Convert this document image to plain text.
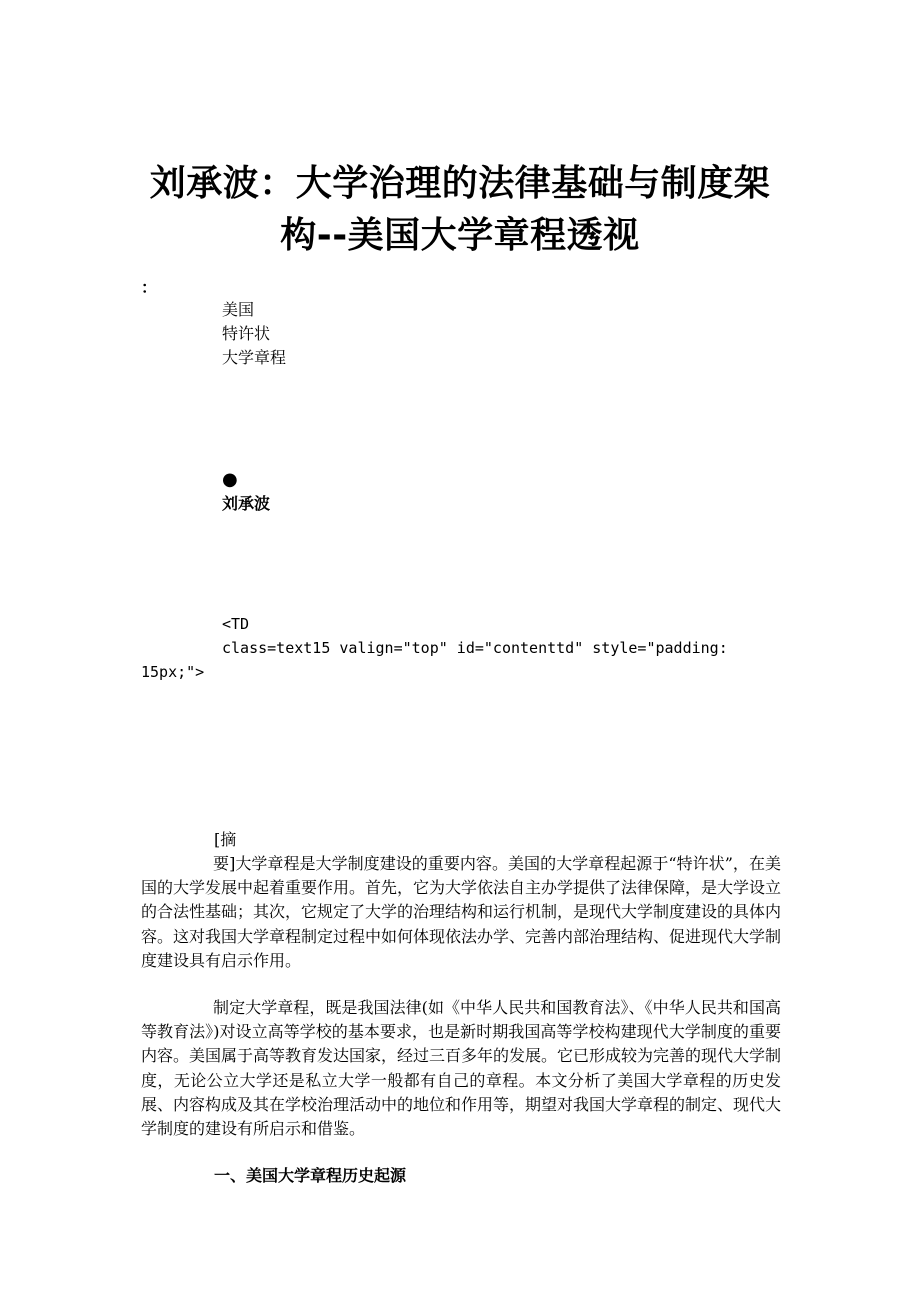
刘承波：大学治理的法律基础与制度架
构--美国大学章程透视
：
美国
特许状
大学章程
●
刘承波
<TD
class=text15 valign="top" id="contenttd" style="padding:
15px;">
[摘
要]大学章程是大学制度建设的重要内容。美国的大学章程起源于“特许状”，在美国的大学发展中起着重要作用。首先，它为大学依法自主办学提供了法律保障，是大学设立的合法性基础；其次，它规定了大学的治理结构和运行机制，是现代大学制度建设的具体内容。这对我国大学章程制定过程中如何体现依法办学、完善内部治理结构、促进现代大学制度建设具有启示作用。
制定大学章程，既是我国法律(如《中华人民共和国教育法》、《中华人民共和国高等教育法》)对设立高等学校的基本要求，也是新时期我国高等学校构建现代大学制度的重要内容。美国属于高等教育发达国家，经过三百多年的发展。它已形成较为完善的现代大学制度，无论公立大学还是私立大学一般都有自己的章程。本文分析了美国大学章程的历史发展、内容构成及其在学校治理活动中的地位和作用等，期望对我国大学章程的制定、现代大学制度的建设有所启示和借鉴。
一、美国大学章程历史起源
